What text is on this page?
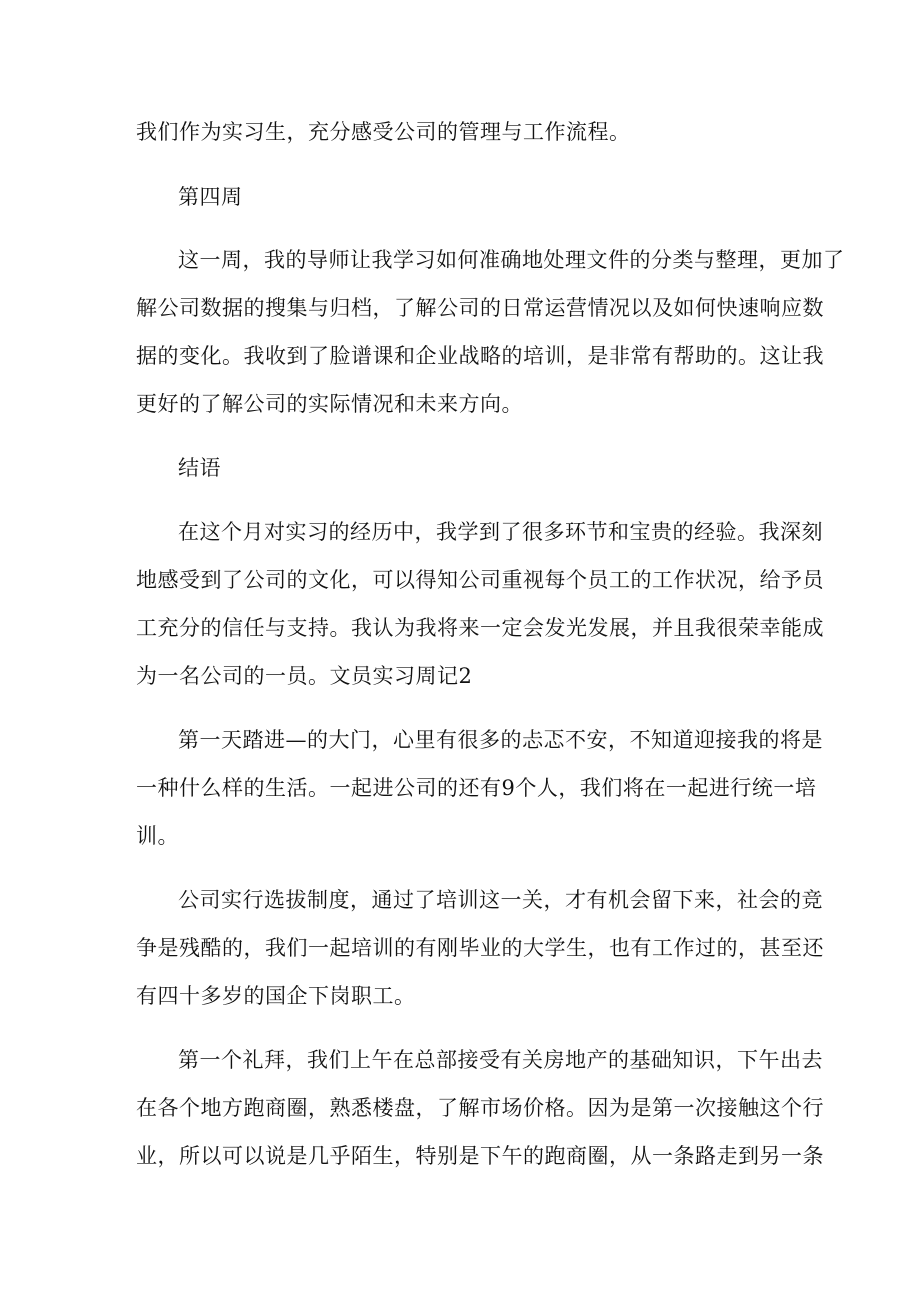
我们作为实习生，充分感受公司的管理与工作流程。
第四周
这一周，我的导师让我学习如何准确地处理文件的分类与整理，更加了
解公司数据的搜集与归档，了解公司的日常运营情况以及如何快速响应数
据的变化。我收到了脸谱课和企业战略的培训，是非常有帮助的。这让我
更好的了解公司的实际情况和未来方向。
结语
在这个月对实习的经历中，我学到了很多环节和宝贵的经验。我深刻
地感受到了公司的文化，可以得知公司重视每个员工的工作状况，给予员
工充分的信任与支持。我认为我将来一定会发光发展，并且我很荣幸能成
为一名公司的一员。文员实习周记2
第一天踏进—的大门，心里有很多的忐忑不安，不知道迎接我的将是
一种什么样的生活。一起进公司的还有9个人，我们将在一起进行统一培
训。
公司实行选拔制度，通过了培训这一关，才有机会留下来，社会的竞
争是残酷的，我们一起培训的有刚毕业的大学生，也有工作过的，甚至还
有四十多岁的国企下岗职工。
第一个礼拜，我们上午在总部接受有关房地产的基础知识，下午出去
在各个地方跑商圈，熟悉楼盘，了解市场价格。因为是第一次接触这个行
业，所以可以说是几乎陌生，特别是下午的跑商圈，从一条路走到另一条
